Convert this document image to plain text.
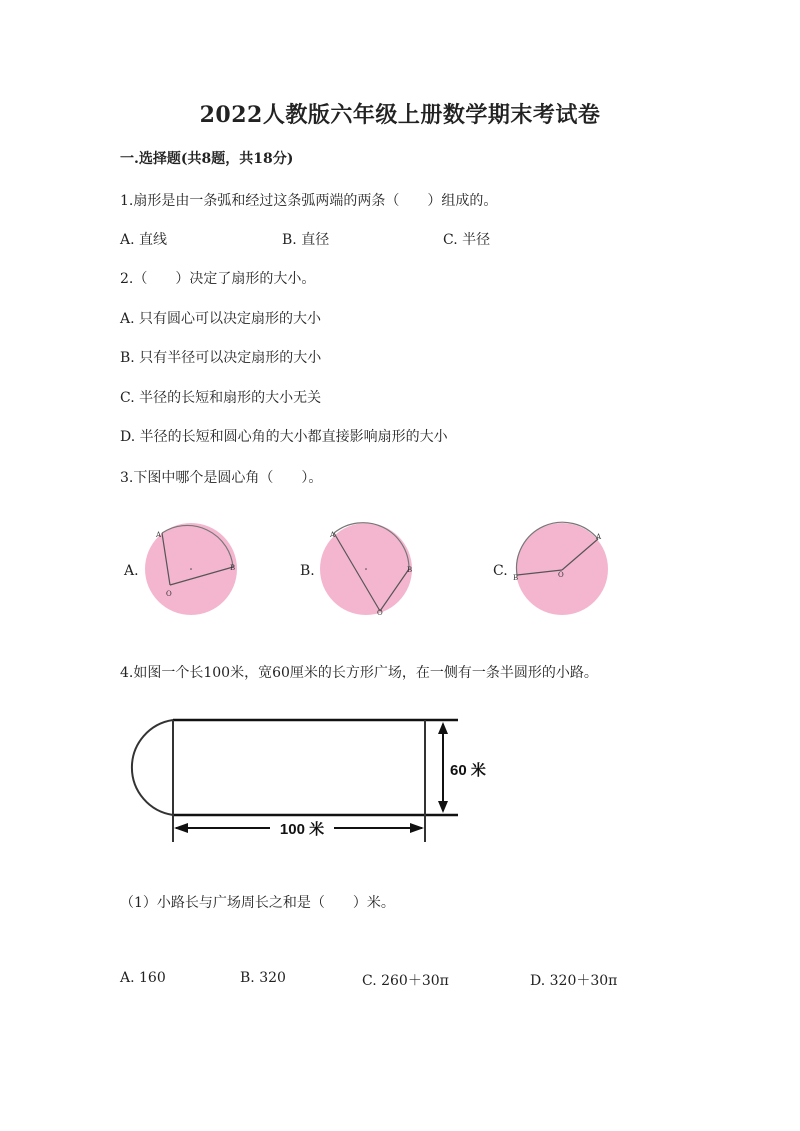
2022人教版六年级上册数学期末考试卷
一.选择题(共8题，共18分)
1.扇形是由一条弧和经过这条弧两端的两条（　　）组成的。
A. 直线	B. 直径	C. 半径
2.（　　）决定了扇形的大小。
A. 只有圆心可以决定扇形的大小
B. 只有半径可以决定扇形的大小
C. 半径的长短和扇形的大小无关
D. 半径的长短和圆心角的大小都直接影响扇形的大小
3.下图中哪个是圆心角（　　）。
A.
A
B
O
B.
A
B
O
C.
A
B	O
4.如图一个长100米，宽60厘米的长方形广场，在一侧有一条半圆形的小路。
100 米
60 米
（1）小路长与广场周长之和是（　　）米。
A. 160	B. 320	C. 260＋30π	D. 320＋30π
